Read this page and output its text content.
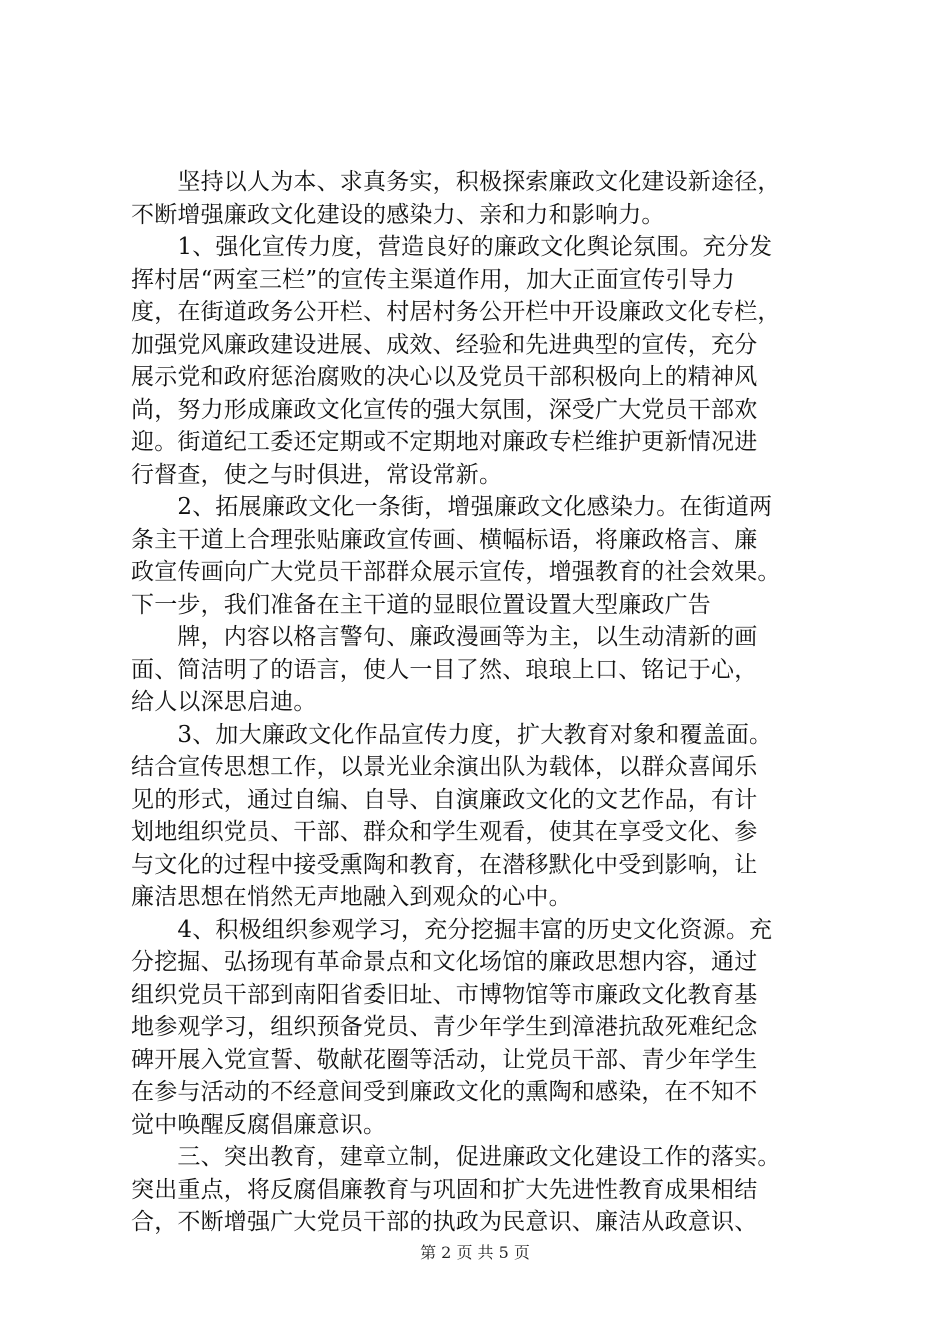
　　坚持以人为本、求真务实，积极探索廉政文化建设新途径，
不断增强廉政文化建设的感染力、亲和力和影响力。
　　1、强化宣传力度，营造良好的廉政文化舆论氛围。充分发
挥村居“两室三栏”的宣传主渠道作用，加大正面宣传引导力
度，在街道政务公开栏、村居村务公开栏中开设廉政文化专栏，
加强党风廉政建设进展、成效、经验和先进典型的宣传，充分
展示党和政府惩治腐败的决心以及党员干部积极向上的精神风
尚，努力形成廉政文化宣传的强大氛围，深受广大党员干部欢
迎。街道纪工委还定期或不定期地对廉政专栏维护更新情况进
行督查，使之与时俱进，常设常新。
　　2、拓展廉政文化一条街，增强廉政文化感染力。在街道两
条主干道上合理张贴廉政宣传画、横幅标语，将廉政格言、廉
政宣传画向广大党员干部群众展示宣传，增强教育的社会效果。
下一步，我们准备在主干道的显眼位置设置大型廉政广告
　　牌，内容以格言警句、廉政漫画等为主，以生动清新的画
面、简洁明了的语言，使人一目了然、琅琅上口、铭记于心，
给人以深思启迪。
　　3、加大廉政文化作品宣传力度，扩大教育对象和覆盖面。
结合宣传思想工作，以景光业余演出队为载体，以群众喜闻乐
见的形式，通过自编、自导、自演廉政文化的文艺作品，有计
划地组织党员、干部、群众和学生观看，使其在享受文化、参
与文化的过程中接受熏陶和教育，在潜移默化中受到影响，让
廉洁思想在悄然无声地融入到观众的心中。
　　4、积极组织参观学习，充分挖掘丰富的历史文化资源。充
分挖掘、弘扬现有革命景点和文化场馆的廉政思想内容，通过
组织党员干部到南阳省委旧址、市博物馆等市廉政文化教育基
地参观学习，组织预备党员、青少年学生到漳港抗敌死难纪念
碑开展入党宣誓、敬献花圈等活动，让党员干部、青少年学生
在参与活动的不经意间受到廉政文化的熏陶和感染，在不知不
觉中唤醒反腐倡廉意识。
　　三、突出教育，建章立制，促进廉政文化建设工作的落实。
突出重点，将反腐倡廉教育与巩固和扩大先进性教育成果相结
合，不断增强广大党员干部的执政为民意识、廉洁从政意识、
第 2 页 共 5 页
